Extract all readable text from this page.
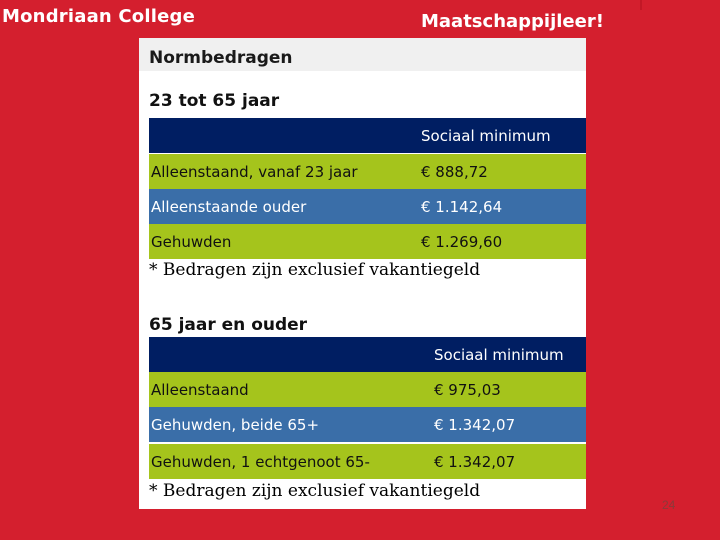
Mondriaan College	Maatschappijleer!
Normbedragen
23 tot 65 jaar
Sociaal minimum
Alleenstaand, vanaf 23 jaar	€ 888,72
Alleenstaande ouder	€ 1.142,64
Gehuwden	€ 1.269,60
* Bedragen zijn exclusief vakantiegeld
65 jaar en ouder
Sociaal minimum
Alleenstaand	€ 975,03
Gehuwden, beide 65+	€ 1.342,07
Gehuwden, 1 echtgenoot 65-	€ 1.342,07
* Bedragen zijn exclusief vakantiegeld
24
